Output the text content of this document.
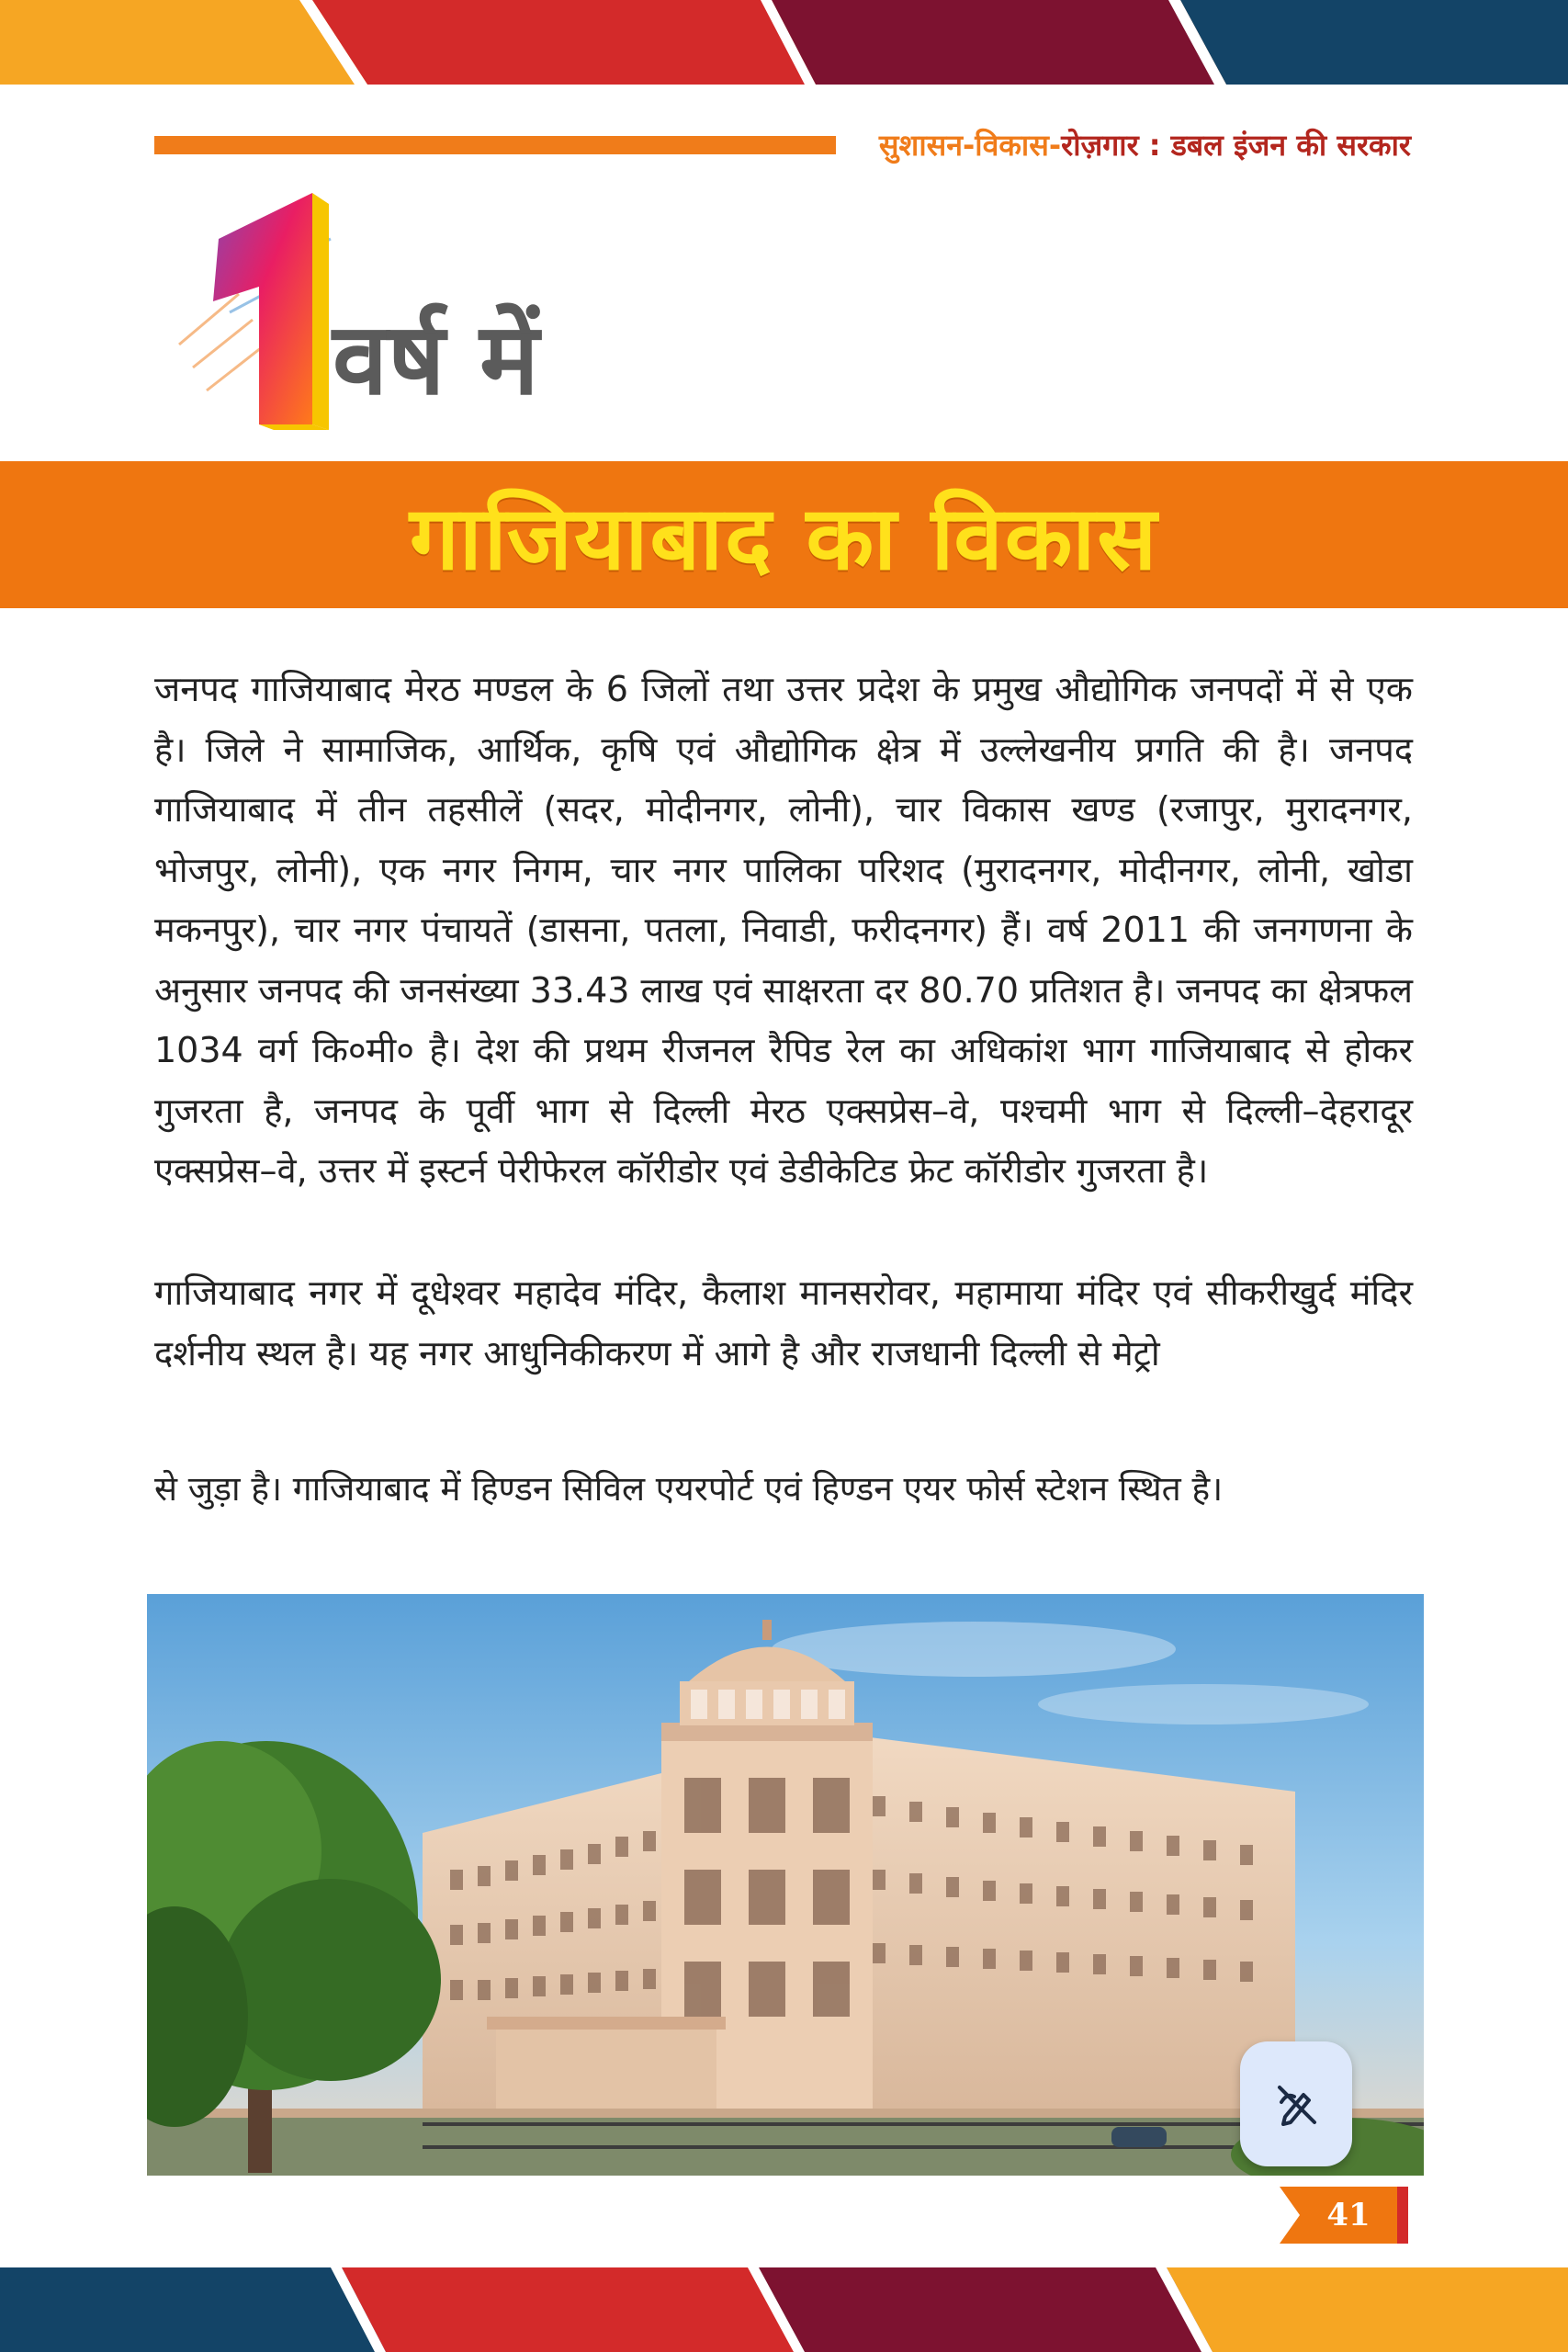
सुशासन-विकास-रोज़गार : डबल इंजन की सरकार
वर्ष में
गाजियाबाद का विकास

जनपद गाजियाबाद मेरठ मण्डल के 6 जिलों तथा उत्तर प्रदेश के प्रमुख औद्योगिक जनपदों में से एक है। जिले ने सामाजिक, आर्थिक, कृषि एवं औद्योगिक क्षेत्र में उल्लेखनीय प्रगति की है। जनपद गाजियाबाद में तीन तहसीलें (सदर, मोदीनगर, लोनी), चार विकास खण्ड (रजापुर, मुरादनगर, भोजपुर, लोनी), एक नगर निगम, चार नगर पालिका परिशद (मुरादनगर, मोदीनगर, लोनी, खोडा मकनपुर), चार नगर पंचायतें (डासना, पतला, निवाडी, फरीदनगर) हैं। वर्ष 2011 की जनगणना के अनुसार जनपद की जनसंख्या 33.43 लाख एवं साक्षरता दर 80.70 प्रतिशत है। जनपद का क्षेत्रफल 1034 वर्ग कि०मी० है। देश की प्रथम रीजनल रैपिड रेल का अधिकांश भाग गाजियाबाद से होकर गुजरता है, जनपद के पूर्वी भाग से दिल्ली मेरठ एक्सप्रेस–वे, पश्चमी भाग से दिल्ली–देहरादूर एक्सप्रेस–वे, उत्तर में इस्टर्न पेरीफेरल कॉरीडोर एवं डेडीकेटिड फ्रेट कॉरीडोर गुजरता है।

गाजियाबाद नगर में दूधेश्वर महादेव मंदिर, कैलाश मानसरोवर, महामाया मंदिर एवं सीकरीखुर्द मंदिर दर्शनीय स्थल है। यह नगर आधुनिकीकरण में आगे है और राजधानी दिल्ली से मेट्रो

से जुड़ा है। गाजियाबाद में हिण्डन सिविल एयरपोर्ट एवं हिण्डन एयर फोर्स स्टेशन स्थित है।

41
